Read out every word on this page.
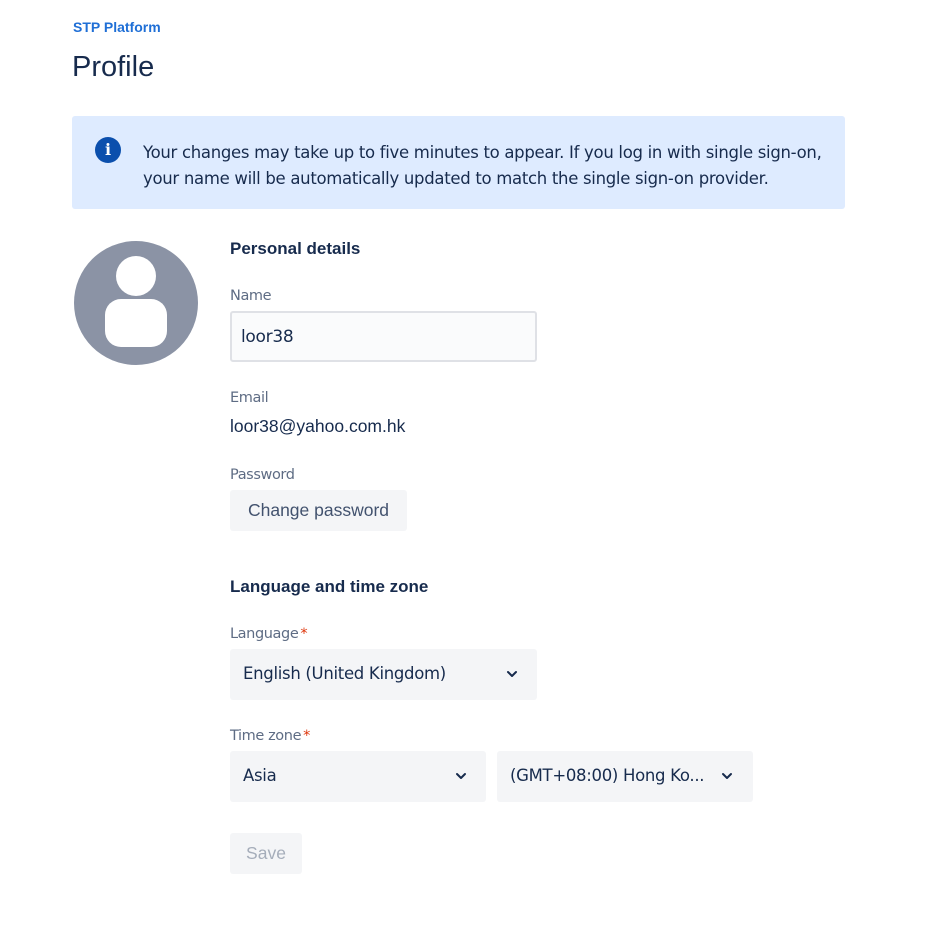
STP Platform
Profile
i	Your changes may take up to five minutes to appear. If you log in with single sign-on,
your name will be automatically updated to match the single sign-on provider.
Personal details
Name
loor38
Email
loor38@yahoo.com.hk
Password
Change password
Language and time zone
Language *
English (United Kingdom)
Time zone *
Asia	(GMT+08:00) Hong Ko...
Save
